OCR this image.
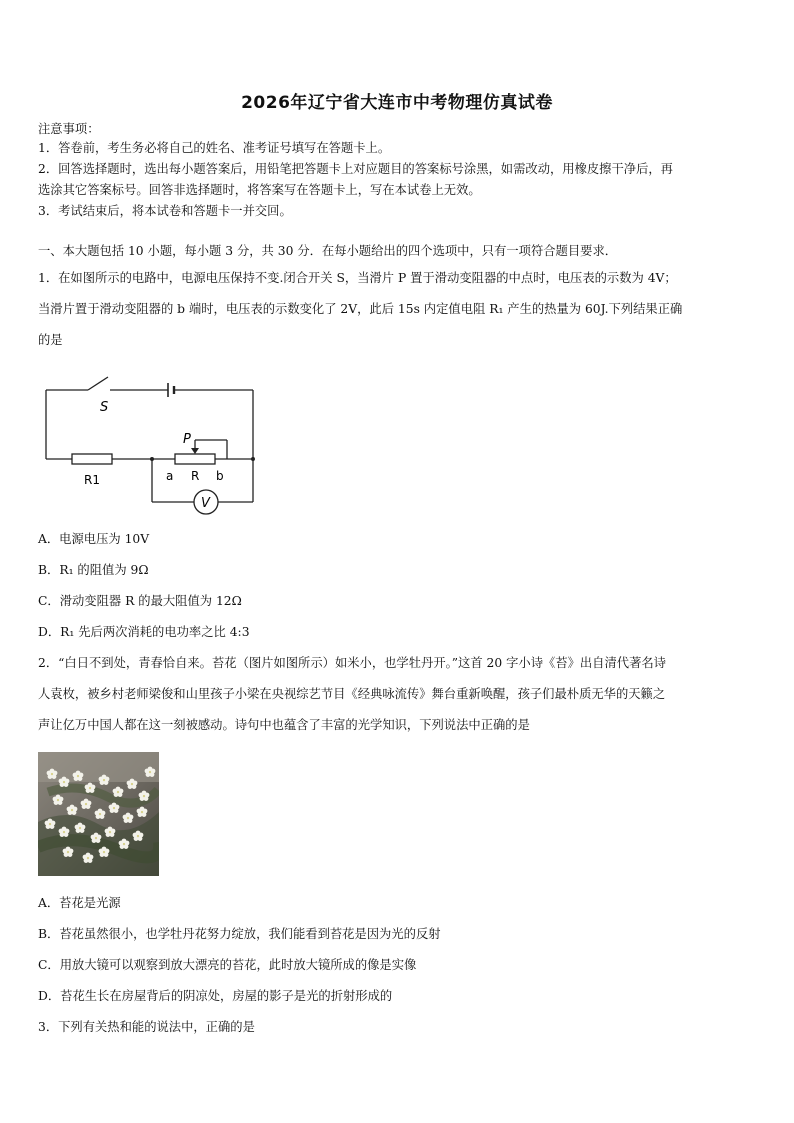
2026年辽宁省大连市中考物理仿真试卷
注意事项：
1．答卷前，考生务必将自己的姓名、准考证号填写在答题卡上。
2．回答选择题时，选出每小题答案后，用铅笔把答题卡上对应题目的答案标号涂黑，如需改动，用橡皮擦干净后，再
选涂其它答案标号。回答非选择题时，将答案写在答题卡上，写在本试卷上无效。
3．考试结束后，将本试卷和答题卡一并交回。
一、本大题包括 10 小题，每小题 3 分，共 30 分．在每小题给出的四个选项中，只有一项符合题目要求．
1．在如图所示的电路中，电源电压保持不变.闭合开关 S，当滑片 P 置于滑动变阻器的中点时，电压表的示数为 4V；
当滑片置于滑动变阻器的 b 端时，电压表的示数变化了 2V，此后 15s 内定值电阻 R₁ 产生的热量为 60J.下列结果正确
的是
S
P
R1	a R b
V
A．电源电压为 10V
B．R₁ 的阻值为 9Ω
C．滑动变阻器 R 的最大阻值为 12Ω
D．R₁ 先后两次消耗的电功率之比 4:3
2．“白日不到处，青春恰自来。苔花（图片如图所示）如米小，也学牡丹开。”这首 20 字小诗《苔》出自清代著名诗
人袁枚，被乡村老师梁俊和山里孩子小梁在央视综艺节目《经典咏流传》舞台重新唤醒，孩子们最朴质无华的天籁之
声让亿万中国人都在这一刻被感动。诗句中也蕴含了丰富的光学知识，下列说法中正确的是
A．苔花是光源
B．苔花虽然很小，也学牡丹花努力绽放，我们能看到苔花是因为光的反射
C．用放大镜可以观察到放大漂亮的苔花，此时放大镜所成的像是实像
D．苔花生长在房屋背后的阴凉处，房屋的影子是光的折射形成的
3．下列有关热和能的说法中，正确的是
